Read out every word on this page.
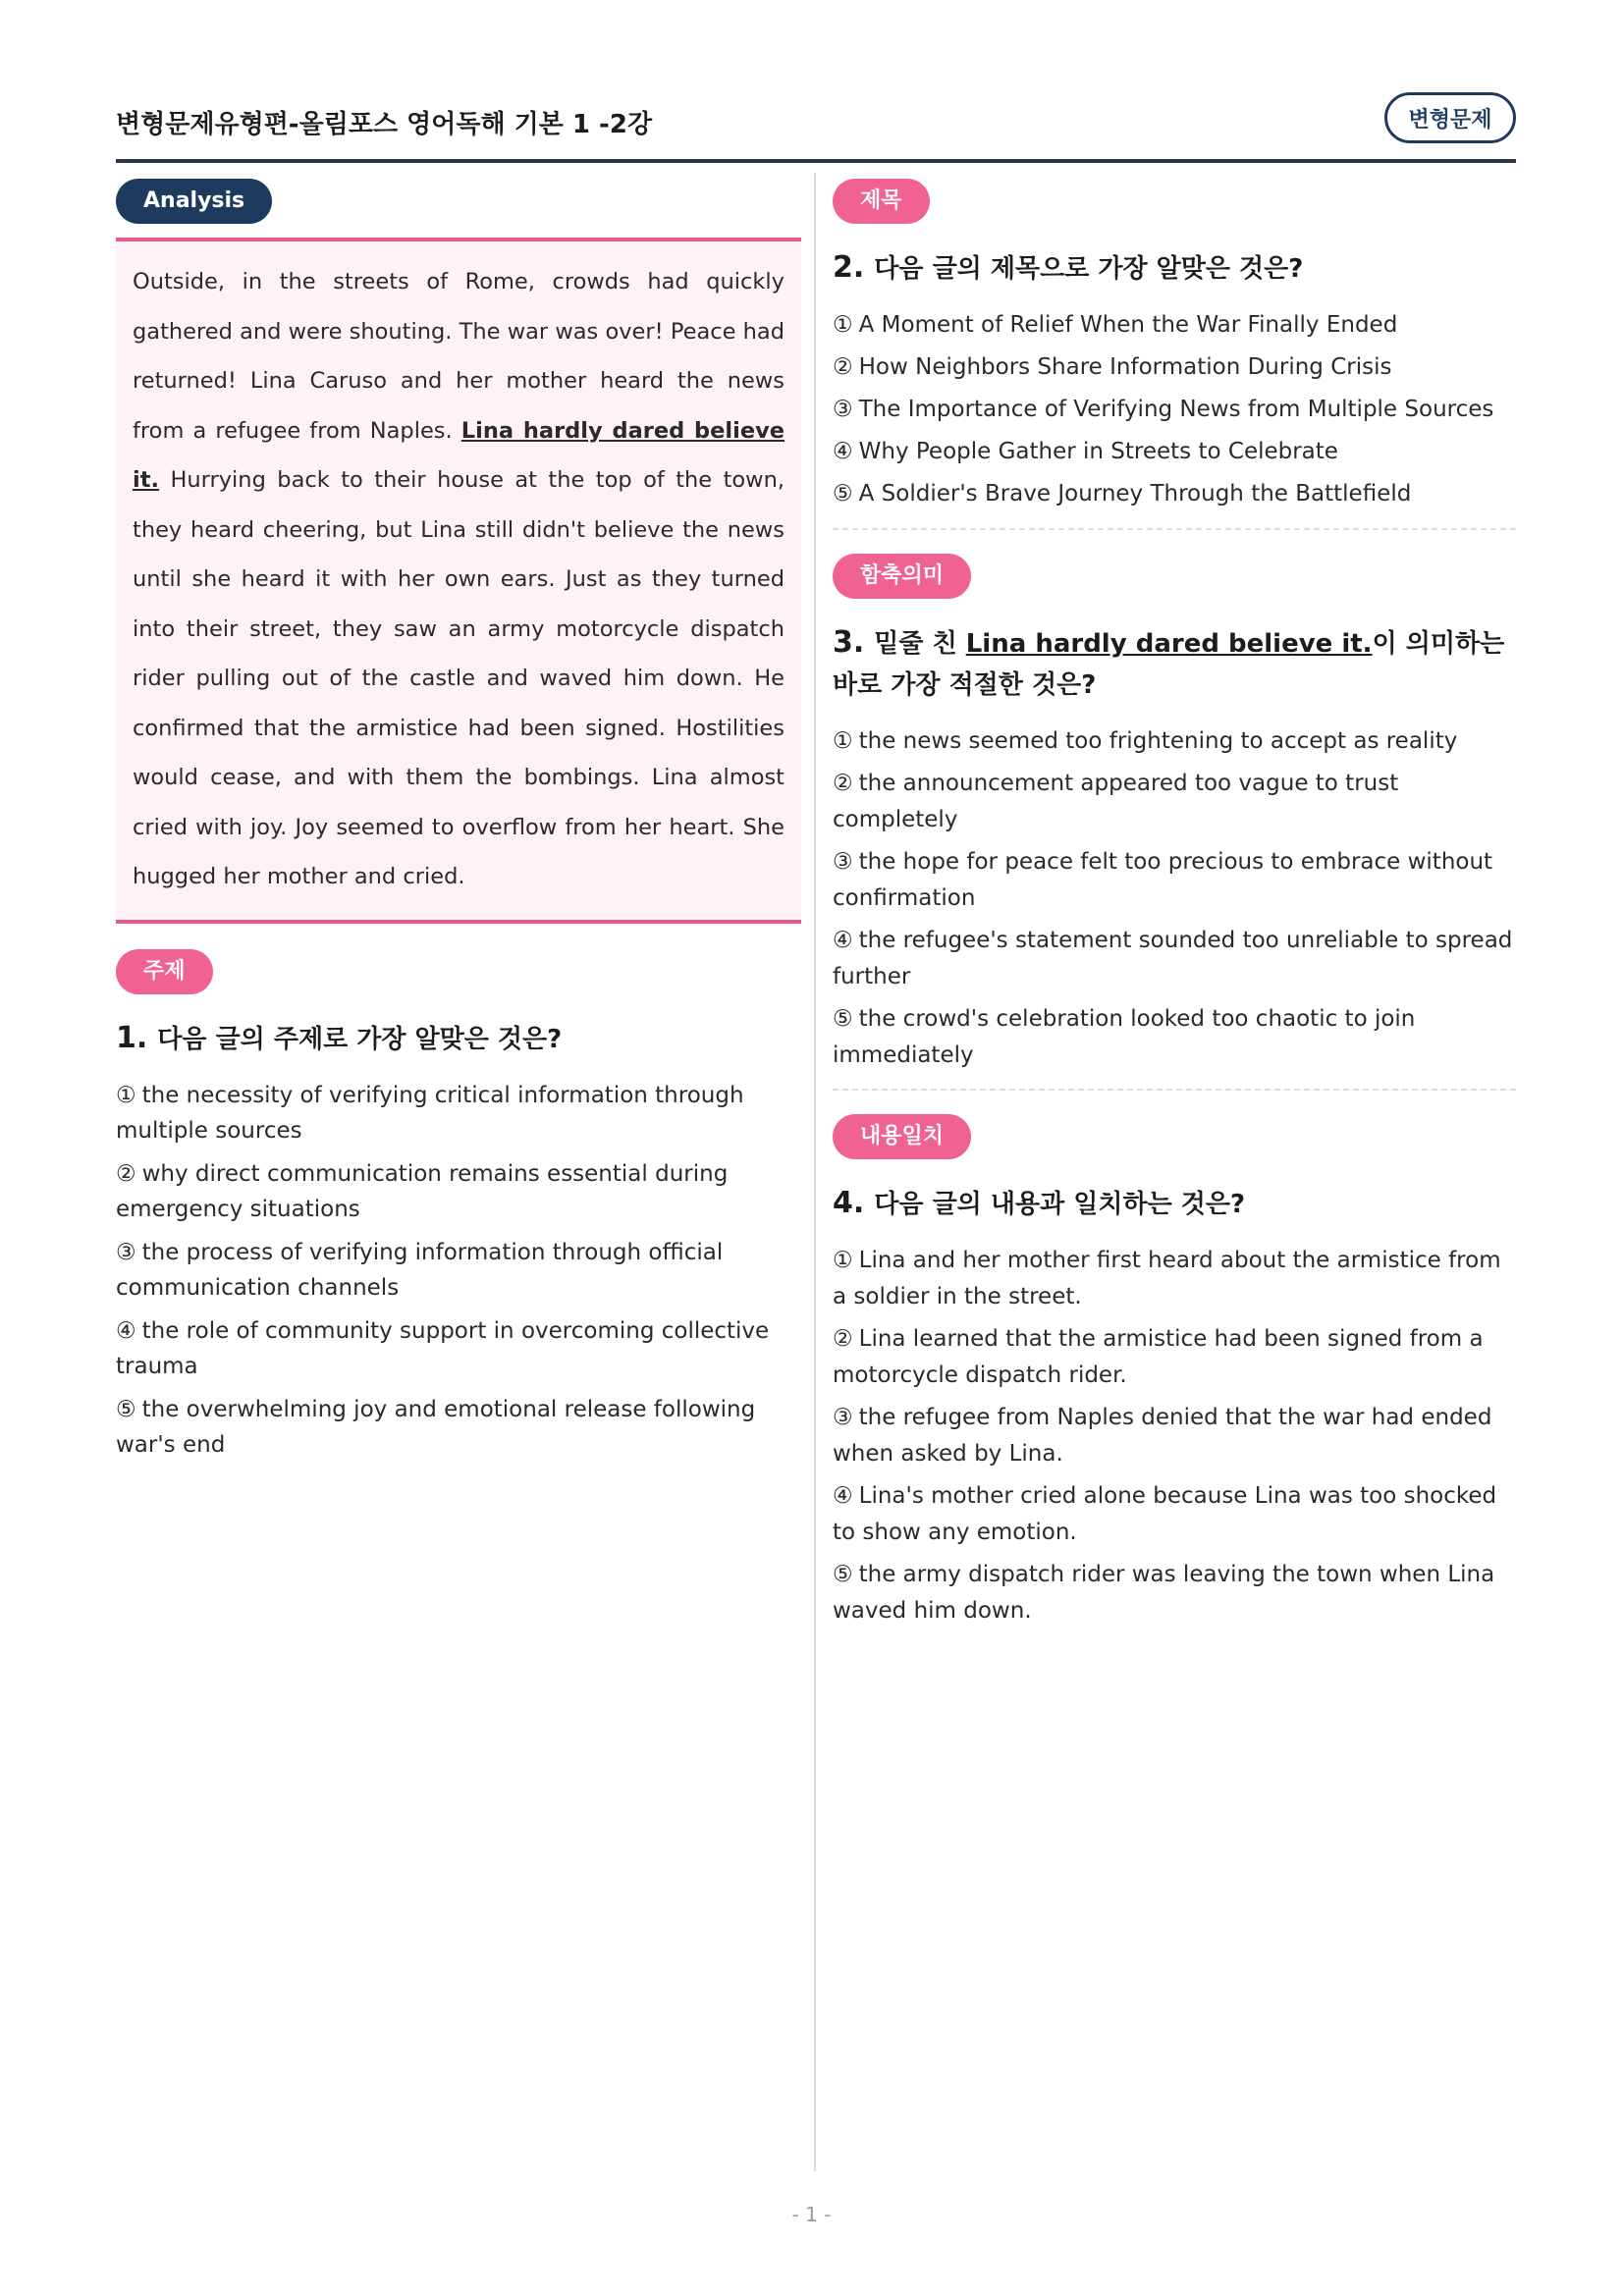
변형문제유형편-올림포스 영어독해 기본 1 -2강	변형문제
Analysis

Outside, in the streets of Rome, crowds had quickly gathered and were shouting. The war was over! Peace had returned! Lina Caruso and her mother heard the news from a refugee from Naples. Lina hardly dared believe it. Hurrying back to their house at the top of the town, they heard cheering, but Lina still didn't believe the news until she heard it with her own ears. Just as they turned into their street, they saw an army motorcycle dispatch rider pulling out of the castle and waved him down. He confirmed that the armistice had been signed. Hostilities would cease, and with them the bombings. Lina almost cried with joy. Joy seemed to overflow from her heart. She hugged her mother and cried.

주제
1. 다음 글의 주제로 가장 알맞은 것은?
① the necessity of verifying critical information through multiple sources
② why direct communication remains essential during emergency situations
③ the process of verifying information through official communication channels
④ the role of community support in overcoming collective trauma
⑤ the overwhelming joy and emotional release following war's end
제목
2. 다음 글의 제목으로 가장 알맞은 것은?
① A Moment of Relief When the War Finally Ended
② How Neighbors Share Information During Crisis
③ The Importance of Verifying News from Multiple Sources
④ Why People Gather in Streets to Celebrate
⑤ A Soldier's Brave Journey Through the Battlefield
함축의미
3. 밑줄 친 Lina hardly dared believe it.이 의미하는 바로 가장 적절한 것은?
① the news seemed too frightening to accept as reality
② the announcement appeared too vague to trust completely
③ the hope for peace felt too precious to embrace without confirmation
④ the refugee's statement sounded too unreliable to spread further
⑤ the crowd's celebration looked too chaotic to join immediately
내용일치
4. 다음 글의 내용과 일치하는 것은?
① Lina and her mother first heard about the armistice from a soldier in the street.
② Lina learned that the armistice had been signed from a motorcycle dispatch rider.
③ the refugee from Naples denied that the war had ended when asked by Lina.
④ Lina's mother cried alone because Lina was too shocked to show any emotion.
⑤ the army dispatch rider was leaving the town when Lina waved him down.
- 1 -
